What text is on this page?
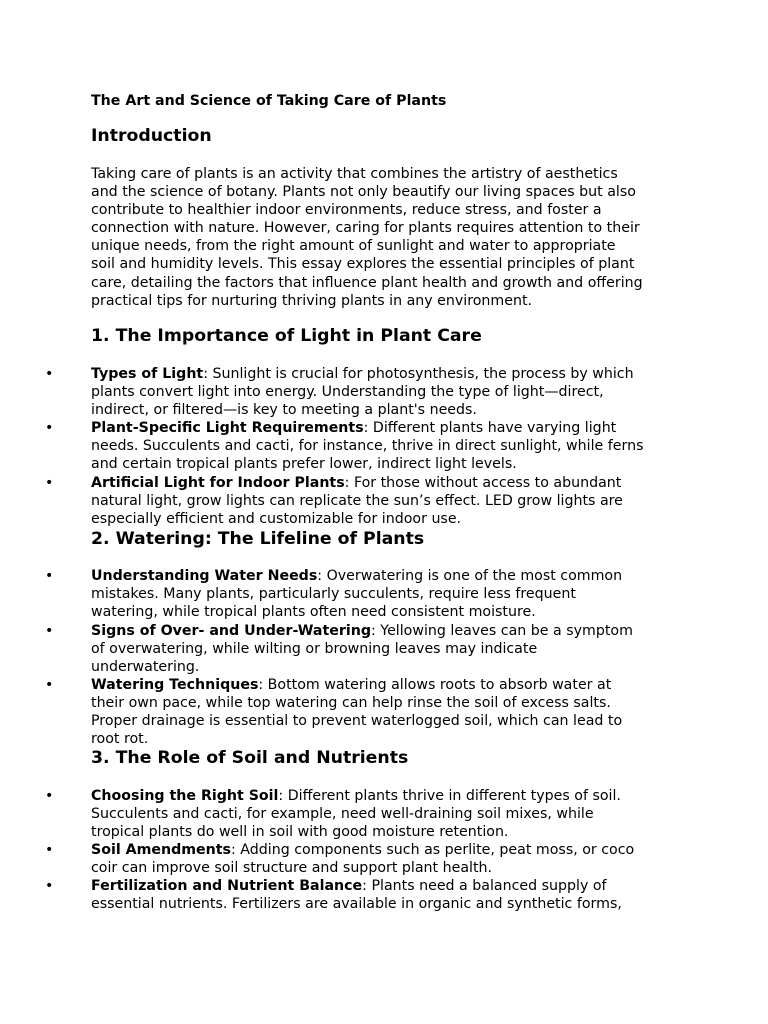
The Art and Science of Taking Care of Plants
Introduction
Taking care of plants is an activity that combines the artistry of aesthetics
and the science of botany. Plants not only beautify our living spaces but also
contribute to healthier indoor environments, reduce stress, and foster a
connection with nature. However, caring for plants requires attention to their
unique needs, from the right amount of sunlight and water to appropriate
soil and humidity levels. This essay explores the essential principles of plant
care, detailing the factors that influence plant health and growth and offering
practical tips for nurturing thriving plants in any environment.
1. The Importance of Light in Plant Care
•	Types of Light: Sunlight is crucial for photosynthesis, the process by which
plants convert light into energy. Understanding the type of light—direct,
indirect, or filtered—is key to meeting a plant's needs.
•	Plant-Specific Light Requirements: Different plants have varying light
needs. Succulents and cacti, for instance, thrive in direct sunlight, while ferns
and certain tropical plants prefer lower, indirect light levels.
•	Artificial Light for Indoor Plants: For those without access to abundant
natural light, grow lights can replicate the sun’s effect. LED grow lights are
especially efficient and customizable for indoor use.
2. Watering: The Lifeline of Plants
•	Understanding Water Needs: Overwatering is one of the most common
mistakes. Many plants, particularly succulents, require less frequent
watering, while tropical plants often need consistent moisture.
•	Signs of Over- and Under-Watering: Yellowing leaves can be a symptom
of overwatering, while wilting or browning leaves may indicate
underwatering.
•	Watering Techniques: Bottom watering allows roots to absorb water at
their own pace, while top watering can help rinse the soil of excess salts.
Proper drainage is essential to prevent waterlogged soil, which can lead to
root rot.
3. The Role of Soil and Nutrients
•	Choosing the Right Soil: Different plants thrive in different types of soil.
Succulents and cacti, for example, need well-draining soil mixes, while
tropical plants do well in soil with good moisture retention.
•	Soil Amendments: Adding components such as perlite, peat moss, or coco
coir can improve soil structure and support plant health.
•	Fertilization and Nutrient Balance: Plants need a balanced supply of
essential nutrients. Fertilizers are available in organic and synthetic forms,
